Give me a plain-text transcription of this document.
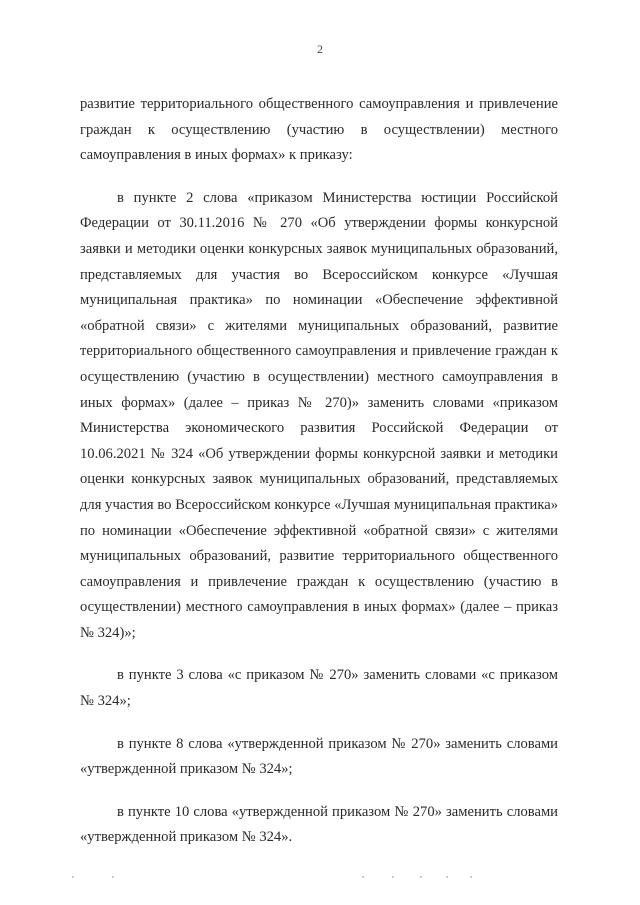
2

развитие территориального общественного самоуправления и привлечение граждан к осуществлению (участию в осуществлении) местного самоуправления в иных формах» к приказу:

в пункте 2 слова «приказом Министерства юстиции Российской Федерации от 30.11.2016 № 270 «Об утверждении формы конкурсной заявки и методики оценки конкурсных заявок муниципальных образований, представляемых для участия во Всероссийском конкурсе «Лучшая муниципальная практика» по номинации «Обеспечение эффективной «обратной связи» с жителями муниципальных образований, развитие территориального общественного самоуправления и привлечение граждан к осуществлению (участию в осуществлении) местного самоуправления в иных формах» (далее – приказ № 270)» заменить словами «приказом Министерства экономического развития Российской Федерации от 10.06.2021 № 324 «Об утверждении формы конкурсной заявки и методики оценки конкурсных заявок муниципальных образований, представляемых для участия во Всероссийском конкурсе «Лучшая муниципальная практика» по номинации «Обеспечение эффективной «обратной связи» с жителями муниципальных образований, развитие территориального общественного самоуправления и привлечение граждан к осуществлению (участию в осуществлении) местного самоуправления в иных формах» (далее – приказ № 324)»;

в пункте 3 слова «с приказом № 270» заменить словами «с приказом № 324»;

в пункте 8 слова «утвержденной приказом № 270» заменить словами «утвержденной приказом № 324»;

в пункте 10 слова «утвержденной приказом № 270» заменить словами «утвержденной приказом № 324».
